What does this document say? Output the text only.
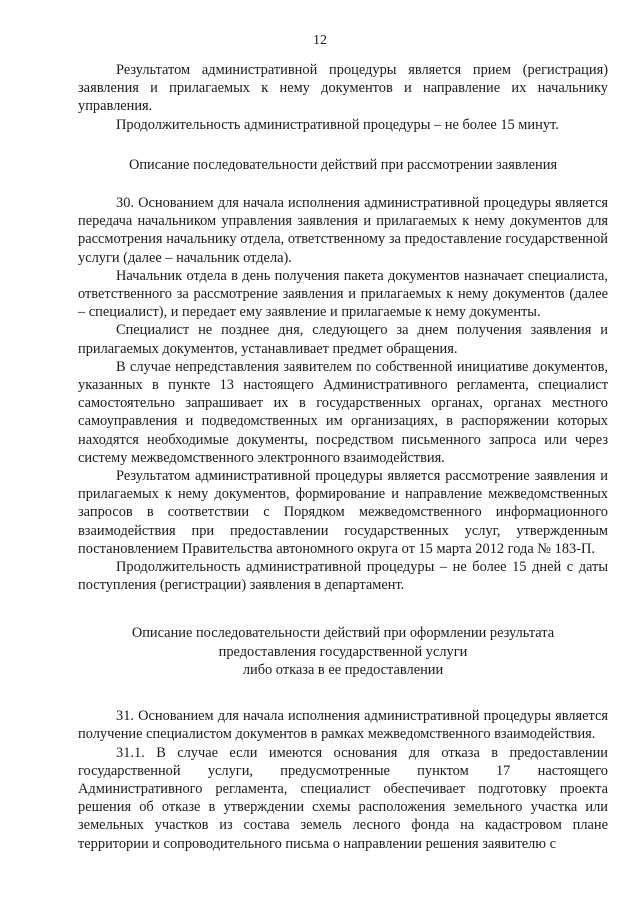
12

Результатом административной процедуры является прием (регистрация) заявления и прилагаемых к нему документов и направление их начальнику управления.

Продолжительность административной процедуры – не более 15 минут.

Описание последовательности действий при рассмотрении заявления

30. Основанием для начала исполнения административной процедуры является передача начальником управления заявления и прилагаемых к нему документов для рассмотрения начальнику отдела, ответственному за предоставление государственной услуги (далее – начальник отдела).

Начальник отдела в день получения пакета документов назначает специалиста, ответственного за рассмотрение заявления и прилагаемых к нему документов (далее – специалист), и передает ему заявление и прилагаемые к нему документы.

Специалист не позднее дня, следующего за днем получения заявления и прилагаемых документов, устанавливает предмет обращения.

В случае непредставления заявителем по собственной инициативе документов, указанных в пункте 13 настоящего Административного регламента, специалист самостоятельно запрашивает их в государственных органах, органах местного самоуправления и подведомственных им организациях, в распоряжении которых находятся необходимые документы, посредством письменного запроса или через систему межведомственного электронного взаимодействия.

Результатом административной процедуры является рассмотрение заявления и прилагаемых к нему документов, формирование и направление межведомственных запросов в соответствии с Порядком межведомственного информационного взаимодействия при предоставлении государственных услуг, утвержденным постановлением Правительства автономного округа от 15 марта 2012 года № 183-П.

Продолжительность административной процедуры – не более 15 дней с даты поступления (регистрации) заявления в департамент.

Описание последовательности действий при оформлении результата

предоставления государственной услуги

либо отказа в ее предоставлении

31. Основанием для начала исполнения административной процедуры является получение специалистом документов в рамках межведомственного взаимодействия.

31.1. В случае если имеются основания для отказа в предоставлении государственной услуги, предусмотренные пунктом 17 настоящего Административного регламента, специалист обеспечивает подготовку проекта решения об отказе в утверждении схемы расположения земельного участка или земельных участков из состава земель лесного фонда на кадастровом плане территории и сопроводительного письма о направлении решения заявителю с
